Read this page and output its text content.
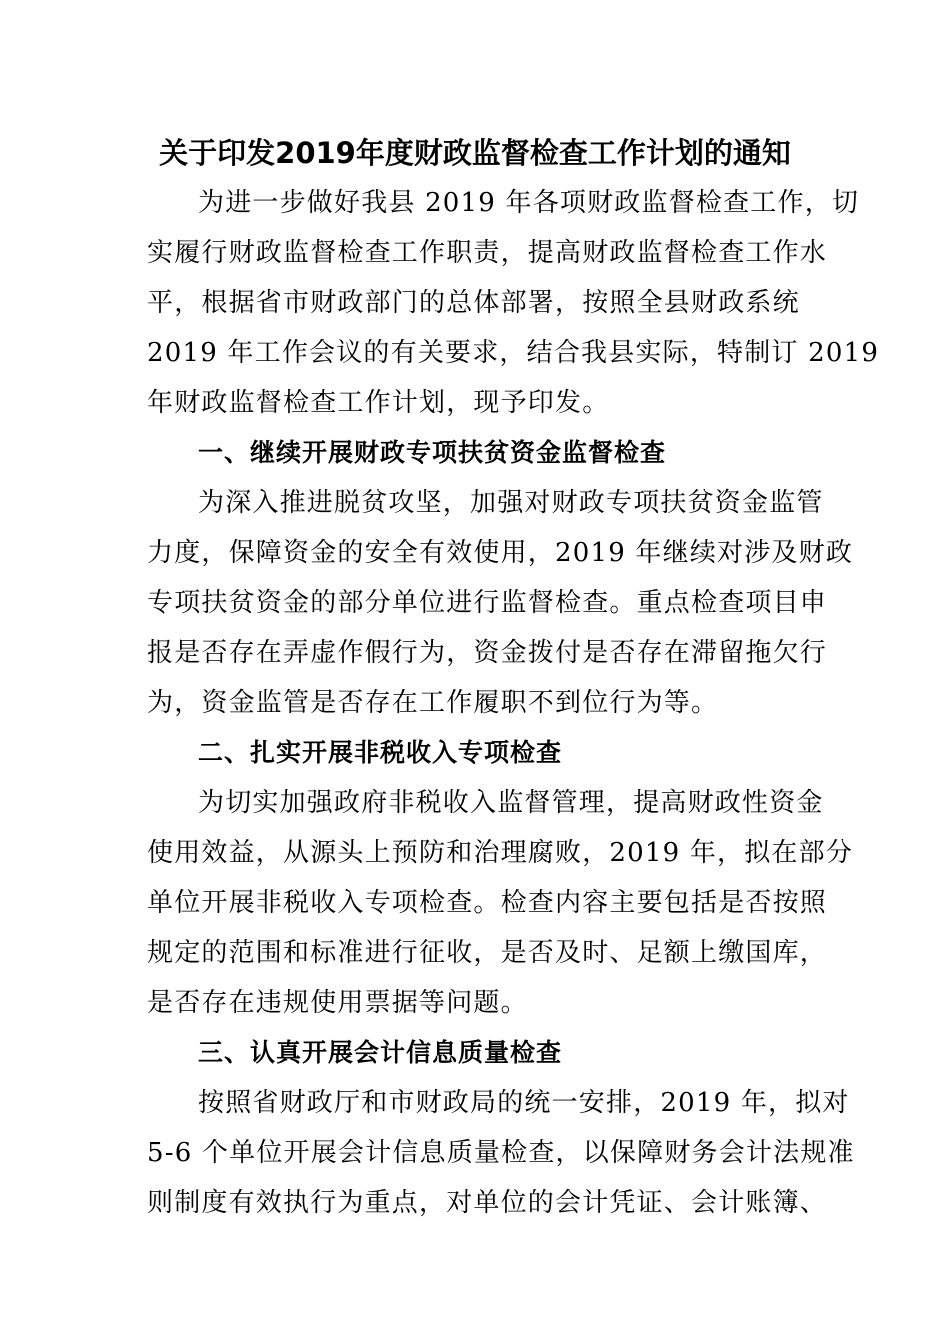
关于印发2019年度财政监督检查工作计划的通知

为进一步做好我县 2019 年各项财政监督检查工作，切

实履行财政监督检查工作职责，提高财政监督检查工作水

平，根据省市财政部门的总体部署，按照全县财政系统

2019 年工作会议的有关要求，结合我县实际，特制订 2019

年财政监督检查工作计划，现予印发。

一、继续开展财政专项扶贫资金监督检查

为深入推进脱贫攻坚，加强对财政专项扶贫资金监管

力度，保障资金的安全有效使用，2019 年继续对涉及财政

专项扶贫资金的部分单位进行监督检查。重点检查项目申

报是否存在弄虚作假行为，资金拨付是否存在滞留拖欠行

为，资金监管是否存在工作履职不到位行为等。

二、扎实开展非税收入专项检查

为切实加强政府非税收入监督管理，提高财政性资金

使用效益，从源头上预防和治理腐败，2019 年，拟在部分

单位开展非税收入专项检查。检查内容主要包括是否按照

规定的范围和标准进行征收，是否及时、足额上缴国库，

是否存在违规使用票据等问题。

三、认真开展会计信息质量检查

按照省财政厅和市财政局的统一安排，2019 年，拟对

5-6 个单位开展会计信息质量检查，以保障财务会计法规准

则制度有效执行为重点，对单位的会计凭证、会计账簿、
